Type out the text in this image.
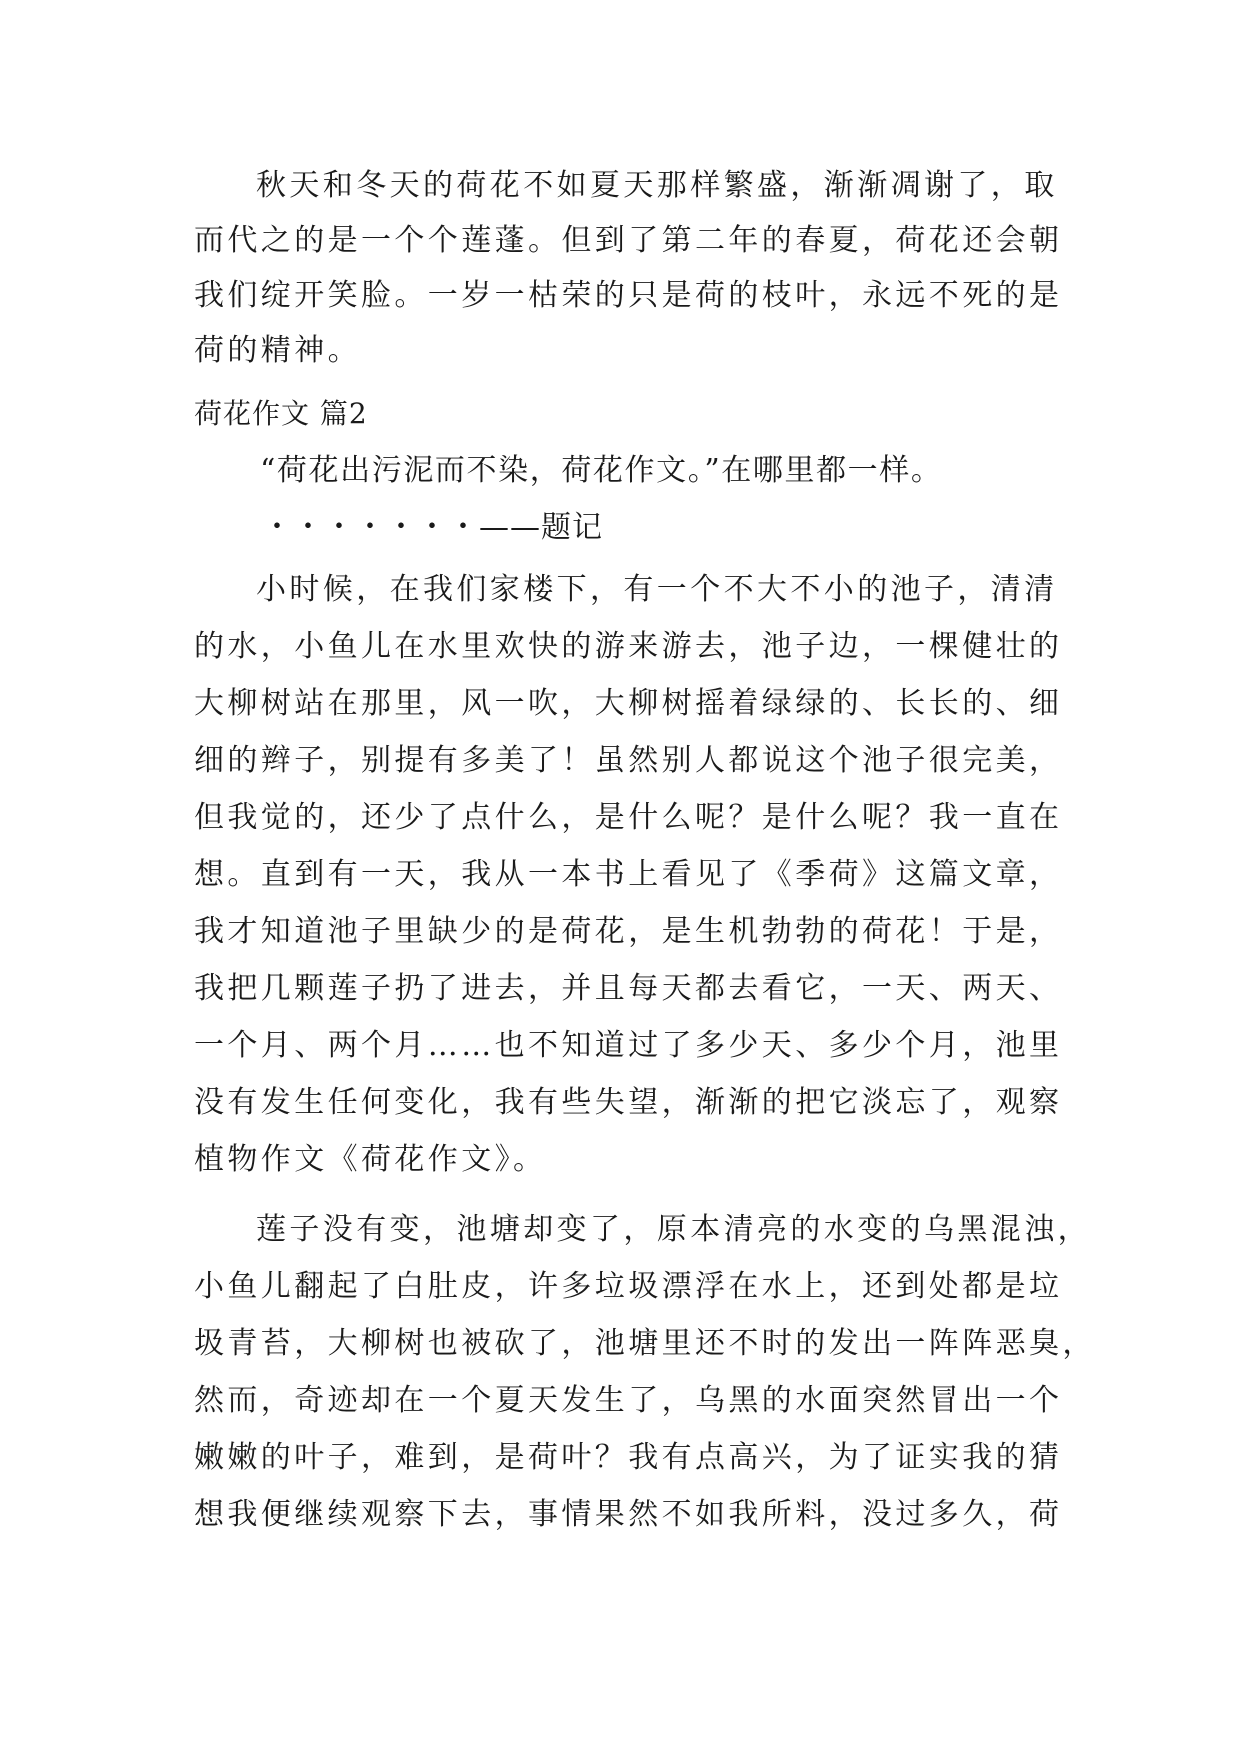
秋天和冬天的荷花不如夏天那样繁盛，渐渐凋谢了，取
而代之的是一个个莲蓬。但到了第二年的春夏，荷花还会朝
我们绽开笑脸。一岁一枯荣的只是荷的枝叶，永远不死的是
荷的精神。
荷花作文 篇2
“荷花出污泥而不染，荷花作文。”在哪里都一样。
・・・・・・・——题记
小时候，在我们家楼下，有一个不大不小的池子，清清
的水，小鱼儿在水里欢快的游来游去，池子边，一棵健壮的
大柳树站在那里，风一吹，大柳树摇着绿绿的、长长的、细
细的辫子，别提有多美了！虽然别人都说这个池子很完美，
但我觉的，还少了点什么，是什么呢？是什么呢？我一直在
想。直到有一天，我从一本书上看见了《季荷》这篇文章，
我才知道池子里缺少的是荷花，是生机勃勃的荷花！于是，
我把几颗莲子扔了进去，并且每天都去看它，一天、两天、
一个月、两个月……也不知道过了多少天、多少个月，池里
没有发生任何变化，我有些失望，渐渐的把它淡忘了，观察
植物作文《荷花作文》。
莲子没有变，池塘却变了，原本清亮的水变的乌黑混浊，
小鱼儿翻起了白肚皮，许多垃圾漂浮在水上，还到处都是垃
圾青苔，大柳树也被砍了，池塘里还不时的发出一阵阵恶臭，
然而，奇迹却在一个夏天发生了，乌黑的水面突然冒出一个
嫩嫩的叶子，难到，是荷叶？我有点高兴，为了证实我的猜
想我便继续观察下去，事情果然不如我所料，没过多久，荷
